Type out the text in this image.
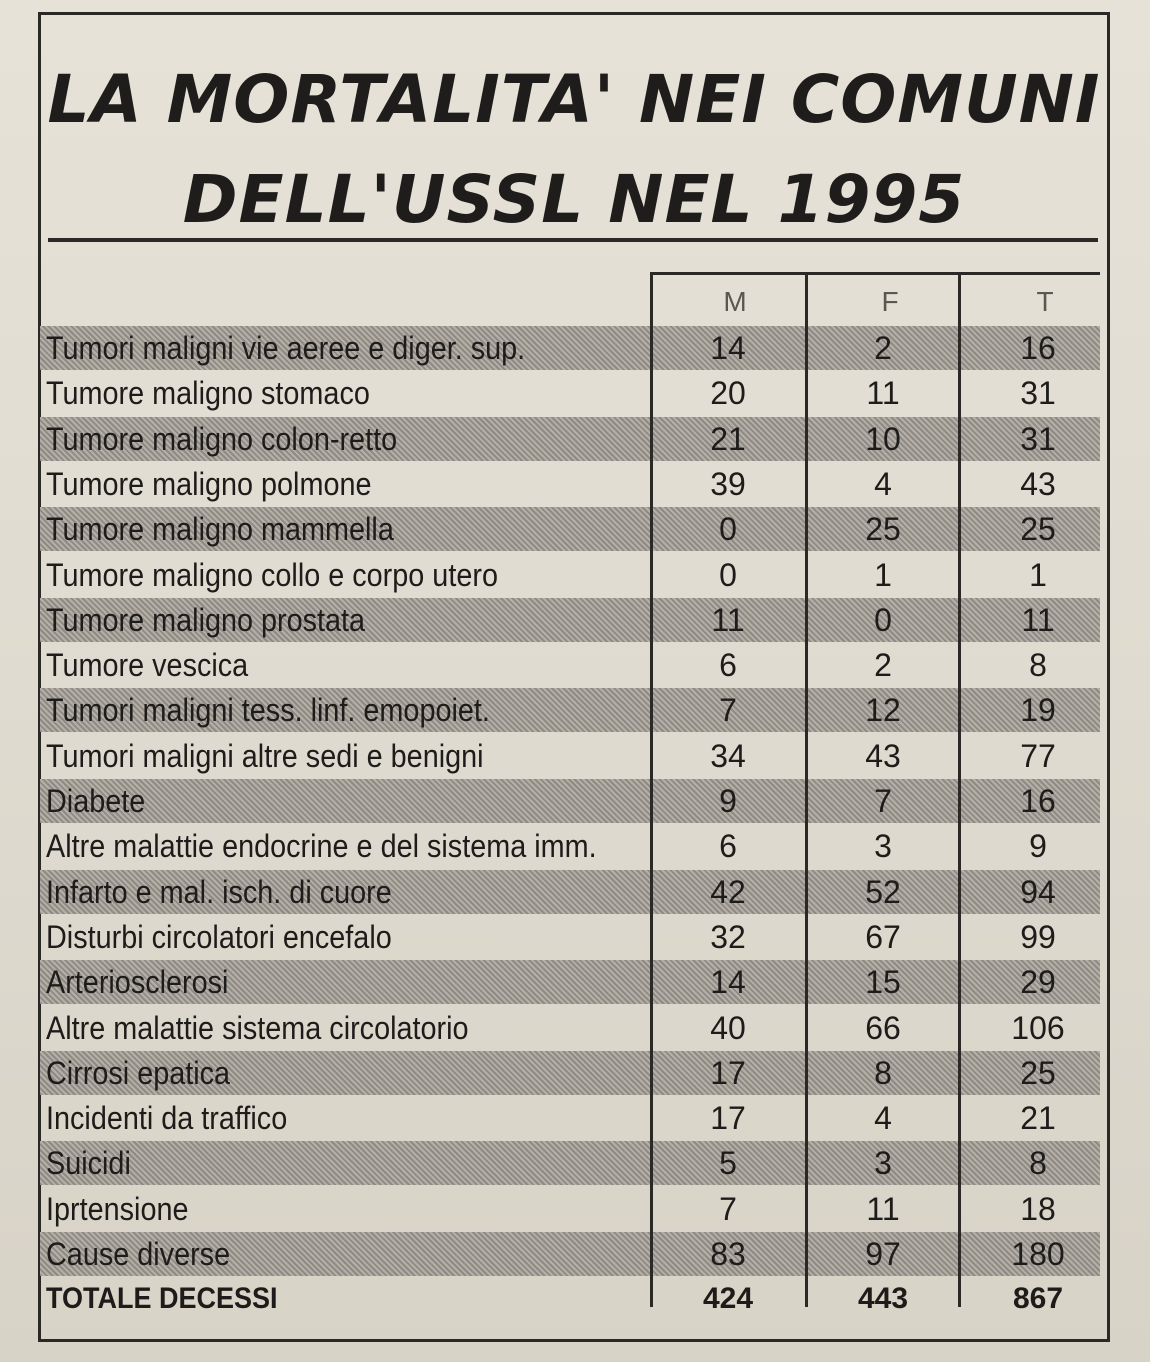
LA MORTALITA' NEI COMUNI
DELL'USSL NEL 1995
M	F	T
Tumori maligni vie aeree e diger. sup.	14	2	16
Tumore maligno stomaco	20	11	31
Tumore maligno colon-retto	21	10	31
Tumore maligno polmone	39	4	43
Tumore maligno mammella	0	25	25
Tumore maligno collo e corpo utero	0	1	1
Tumore maligno prostata	11	0	11
Tumore vescica	6	2	8
Tumori maligni tess. linf. emopoiet.	7	12	19
Tumori maligni altre sedi e benigni	34	43	77
Diabete	9	7	16
Altre malattie endocrine e del sistema imm.	6	3	9
Infarto e mal. isch. di cuore	42	52	94
Disturbi circolatori encefalo	32	67	99
Arteriosclerosi	14	15	29
Altre malattie sistema circolatorio	40	66	106
Cirrosi epatica	17	8	25
Incidenti da traffico	17	4	21
Suicidi	5	3	8
Iprtensione	7	11	18
Cause diverse	83	97	180
TOTALE DECESSI	424	443	867
